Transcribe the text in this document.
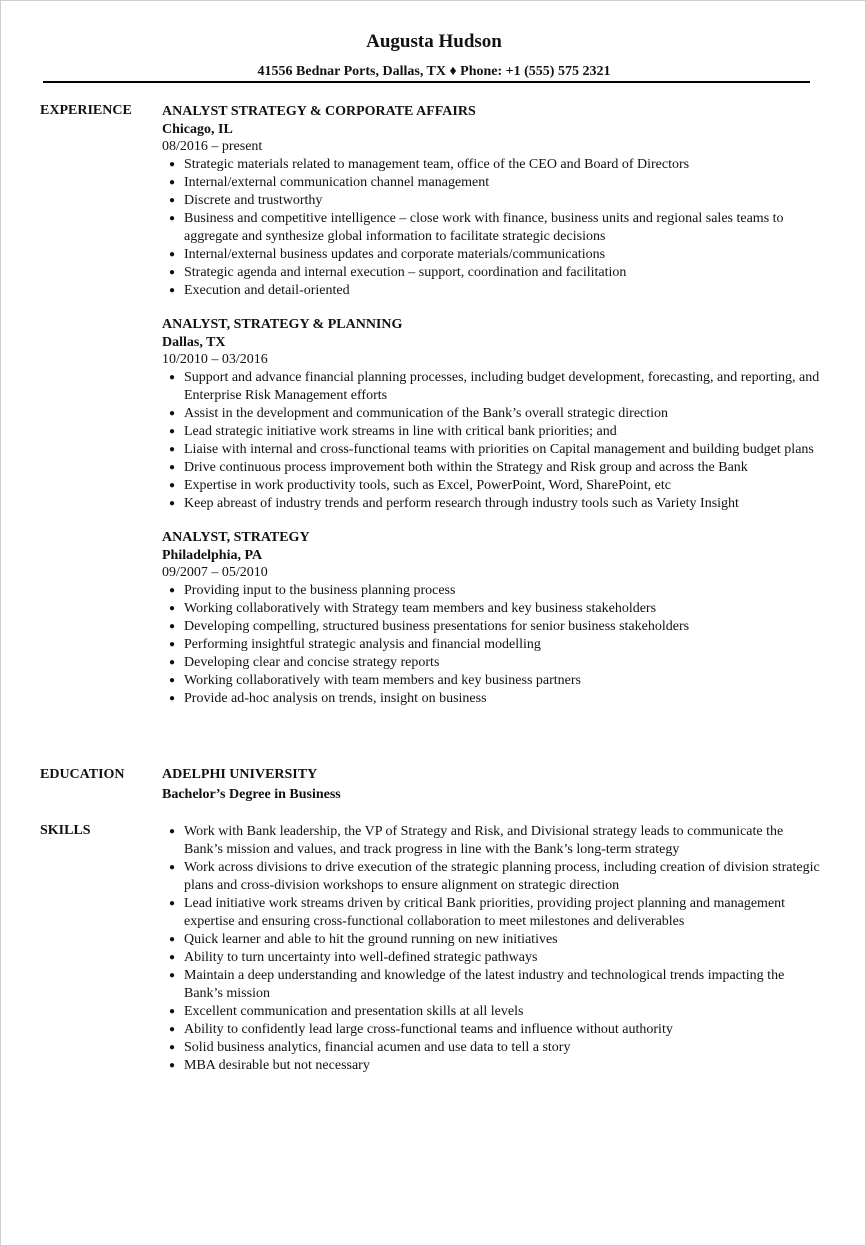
Augusta Hudson
41556 Bednar Ports, Dallas, TX ♦ Phone: +1 (555) 575 2321
EXPERIENCE ANALYST STRATEGY & CORPORATE AFFAIRS
Chicago, IL
08/2016 – present
● Strategic materials related to management team, office of the CEO and Board of Directors
● Internal/external communication channel management
● Discrete and trustworthy
● Business and competitive intelligence – close work with finance, business units and regional sales teams to aggregate and synthesize global information to facilitate strategic decisions
● Internal/external business updates and corporate materials/communications
● Strategic agenda and internal execution – support, coordination and facilitation
● Execution and detail-oriented
ANALYST, STRATEGY & PLANNING
Dallas, TX
10/2010 – 03/2016
● Support and advance financial planning processes, including budget development, forecasting, and reporting, and Enterprise Risk Management efforts
● Assist in the development and communication of the Bank’s overall strategic direction
● Lead strategic initiative work streams in line with critical bank priorities; and
● Liaise with internal and cross-functional teams with priorities on Capital management and building budget plans
● Drive continuous process improvement both within the Strategy and Risk group and across the Bank
● Expertise in work productivity tools, such as Excel, PowerPoint, Word, SharePoint, etc
● Keep abreast of industry trends and perform research through industry tools such as Variety Insight
ANALYST, STRATEGY
Philadelphia, PA
09/2007 – 05/2010
● Providing input to the business planning process
● Working collaboratively with Strategy team members and key business stakeholders
● Developing compelling, structured business presentations for senior business stakeholders
● Performing insightful strategic analysis and financial modelling
● Developing clear and concise strategy reports
● Working collaboratively with team members and key business partners
● Provide ad-hoc analysis on trends, insight on business
EDUCATION	ADELPHI UNIVERSITY
Bachelor’s Degree in Business
SKILLS	● Work with Bank leadership, the VP of Strategy and Risk, and Divisional strategy leads to communicate the Bank’s mission and values, and track progress in line with the Bank’s long-term strategy
● Work across divisions to drive execution of the strategic planning process, including creation of division strategic plans and cross-division workshops to ensure alignment on strategic direction
● Lead initiative work streams driven by critical Bank priorities, providing project planning and management expertise and ensuring cross-functional collaboration to meet milestones and deliverables
● Quick learner and able to hit the ground running on new initiatives
● Ability to turn uncertainty into well-defined strategic pathways
● Maintain a deep understanding and knowledge of the latest industry and technological trends impacting the Bank’s mission
● Excellent communication and presentation skills at all levels
● Ability to confidently lead large cross-functional teams and influence without authority
● Solid business analytics, financial acumen and use data to tell a story
● MBA desirable but not necessary
